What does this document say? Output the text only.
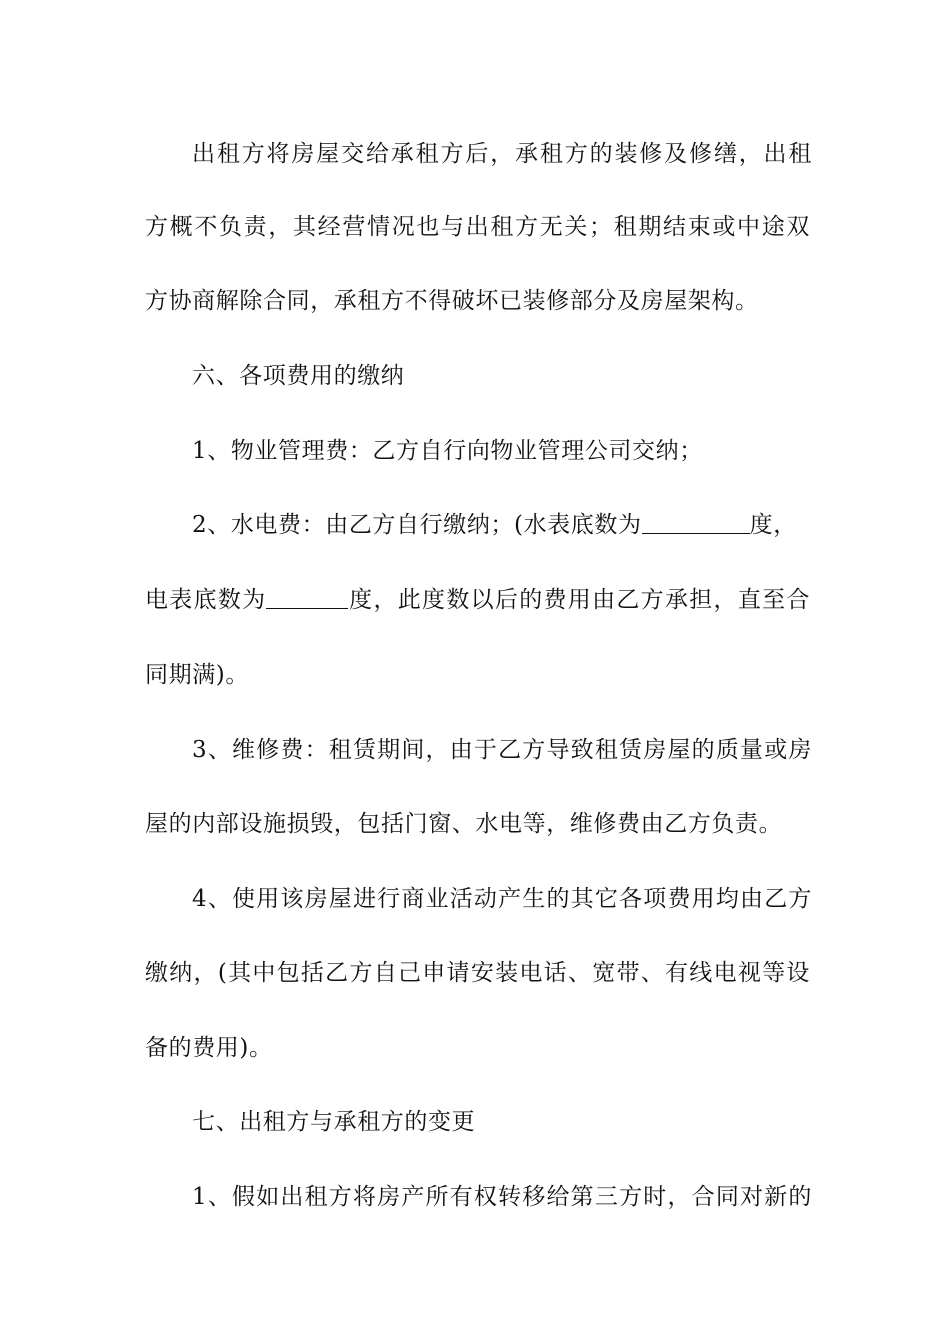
出租方将房屋交给承租方后，承租方的装修及修缮，出租
方概不负责，其经营情况也与出租方无关；租期结束或中途双
方协商解除合同，承租方不得破坏已装修部分及房屋架构。
六、各项费用的缴纳
1、物业管理费：乙方自行向物业管理公司交纳；
2、水电费：由乙方自行缴纳；(水表底数为	度，
电表底数为	度，此度数以后的费用由乙方承担，直至合
同期满)。
3、维修费：租赁期间，由于乙方导致租赁房屋的质量或房
屋的内部设施损毁，包括门窗、水电等，维修费由乙方负责。
4、使用该房屋进行商业活动产生的其它各项费用均由乙方
缴纳，(其中包括乙方自己申请安装电话、宽带、有线电视等设
备的费用)。
七、出租方与承租方的变更
1、假如出租方将房产所有权转移给第三方时，合同对新的
